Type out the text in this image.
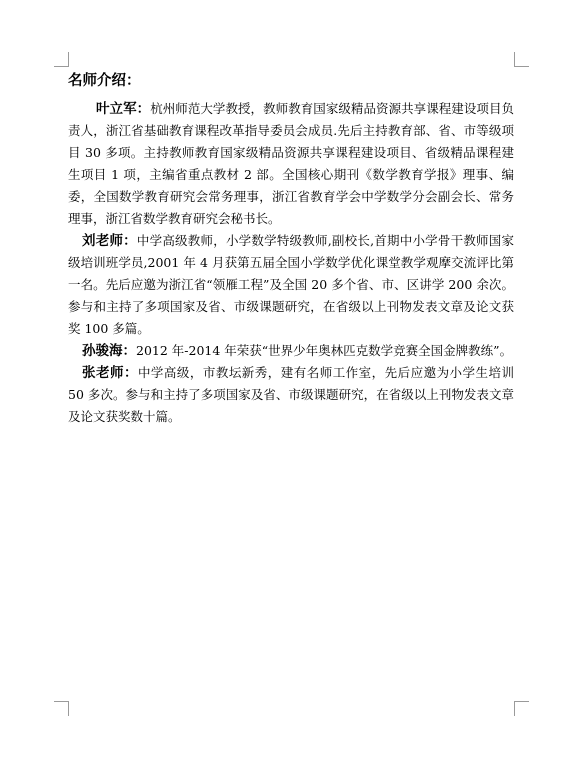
名师介绍：

叶立军：杭州师范大学教授，教师教育国家级精品资源共享课程建设项目负责人，浙江省基础教育课程改革指导委员会成员.先后主持教育部、省、市等级项目 30 多项。主持教师教育国家级精品资源共享课程建设项目、省级精品课程建生项目 1 项，主编省重点教材 2 部。全国核心期刊《数学教育学报》理事、编委，全国数学教育研究会常务理事，浙江省教育学会中学数学分会副会长、常务理事，浙江省数学教育研究会秘书长。

刘老师：中学高级教师，小学数学特级教师,副校长,首期中小学骨干教师国家级培训班学员,2001 年 4 月获第五届全国小学数学优化课堂教学观摩交流评比第一名。先后应邀为浙江省“领雁工程”及全国 20 多个省、市、区讲学 200 余次。参与和主持了多项国家及省、市级课题研究，在省级以上刊物发表文章及论文获奖 100 多篇。

孙骏海：2012 年-2014 年荣获“世界少年奥林匹克数学竞赛全国金牌教练”。

张老师：中学高级，市教坛新秀，建有名师工作室，先后应邀为小学生培训 50 多次。参与和主持了多项国家及省、市级课题研究，在省级以上刊物发表文章及论文获奖数十篇。
